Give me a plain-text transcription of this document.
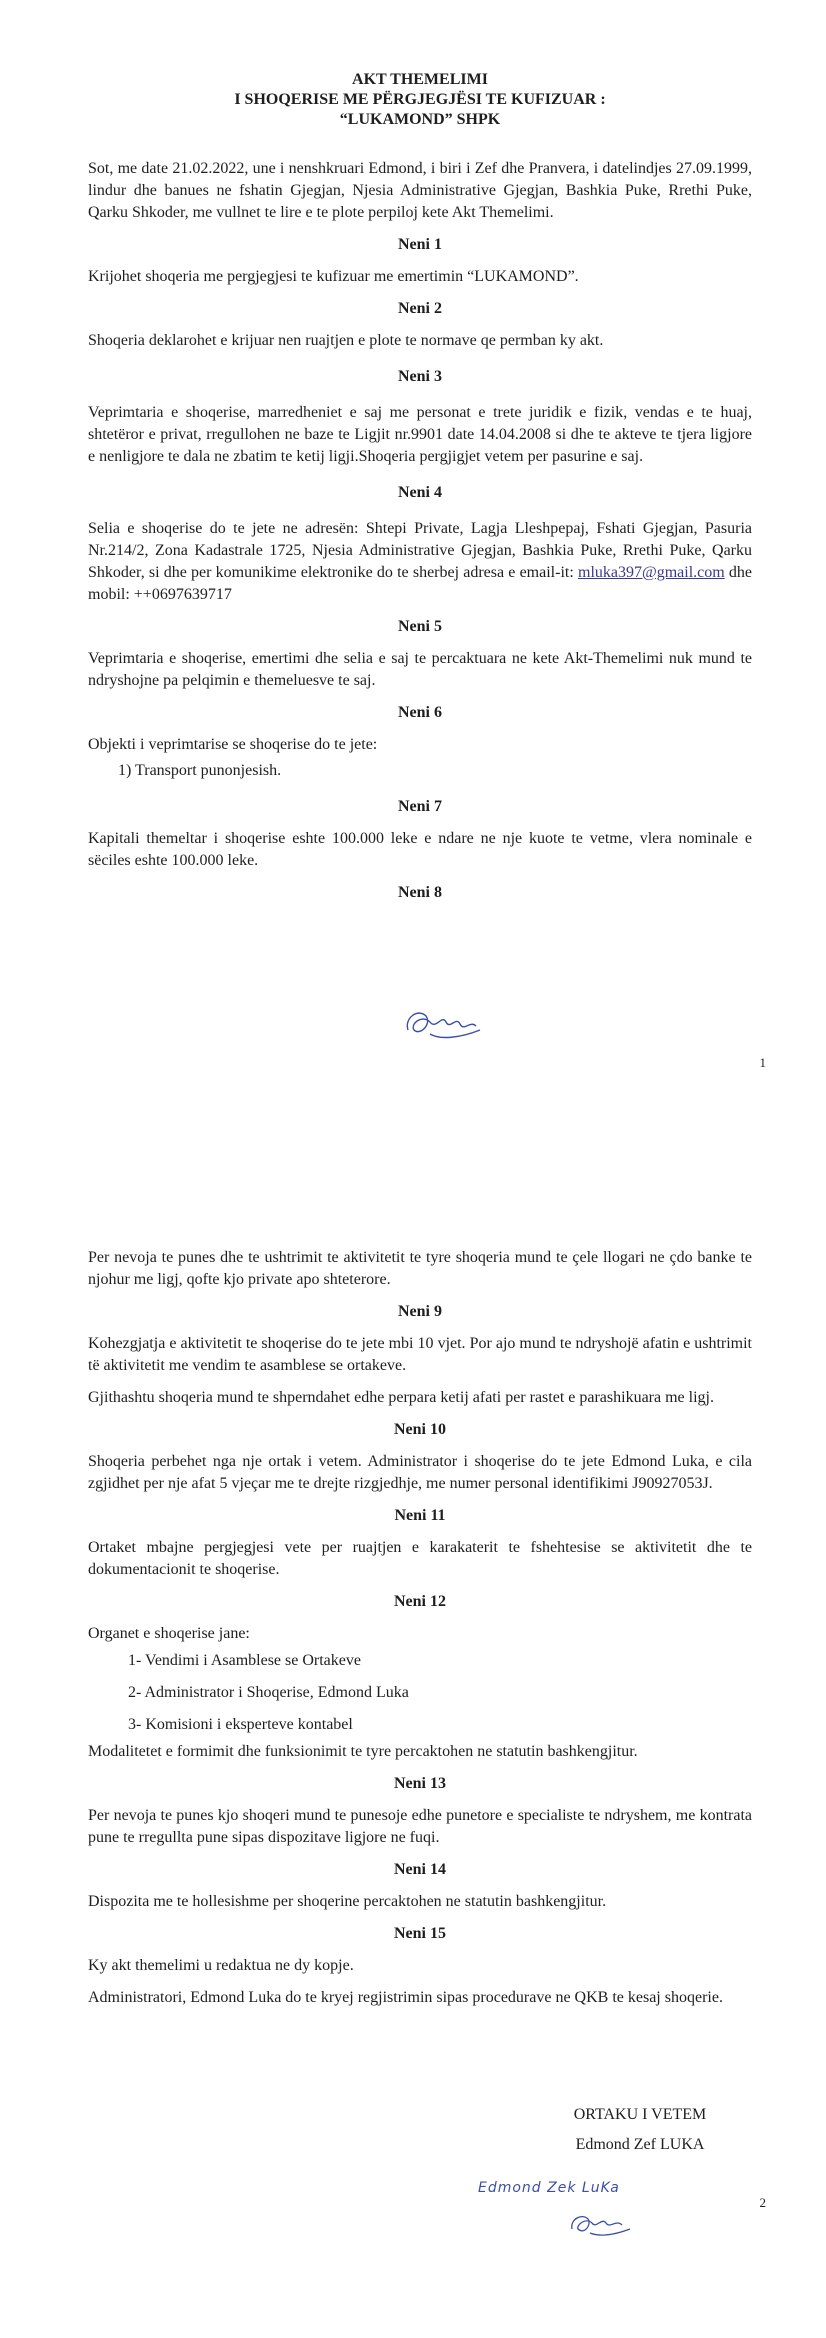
AKT THEMELIMI
I SHOQERISE ME PËRGJEGJËSI TE KUFIZUAR :
“LUKAMOND” SHPK

Sot, me date 21.02.2022, une i nenshkruari Edmond, i biri i Zef dhe Pranvera, i datelindjes 27.09.1999, lindur dhe banues ne fshatin Gjegjan, Njesia Administrative Gjegjan, Bashkia Puke, Rrethi Puke, Qarku Shkoder, me vullnet te lire e te plote perpiloj kete Akt Themelimi.

Neni 1

Krijohet shoqeria me pergjegjesi te kufizuar me emertimin “LUKAMOND”.

Neni 2

Shoqeria deklarohet e krijuar nen ruajtjen e plote te normave qe permban ky akt.

Neni 3

Veprimtaria e shoqerise, marredheniet e saj me personat e trete juridik e fizik, vendas e te huaj, shtetëror e privat, rregullohen ne baze te Ligjit nr.9901 date 14.04.2008 si dhe te akteve te tjera ligjore e nenligjore te dala ne zbatim te ketij ligji.Shoqeria pergjigjet vetem per pasurine e saj.

Neni 4

Selia e shoqerise do te jete ne adresën: Shtepi Private, Lagja Lleshpepaj, Fshati Gjegjan, Pasuria Nr.214/2, Zona Kadastrale 1725, Njesia Administrative Gjegjan, Bashkia Puke, Rrethi Puke, Qarku Shkoder, si dhe per komunikime elektronike do te sherbej adresa e email-it: mluka397@gmail.com dhe mobil: ++0697639717

Neni 5

Veprimtaria e shoqerise, emertimi dhe selia e saj te percaktuara ne kete Akt-Themelimi nuk mund te ndryshojne pa pelqimin e themeluesve te saj.

Neni 6

Objekti i veprimtarise se shoqerise do te jete:

1) Transport punonjesish.
Neni 7

Kapitali themeltar i shoqerise eshte 100.000 leke e ndare ne nje kuote te vetme, vlera nominale e sëciles eshte 100.000 leke.

Neni 8
1

Per nevoja te punes dhe te ushtrimit te aktivitetit te tyre shoqeria mund te çele llogari ne çdo banke te njohur me ligj, qofte kjo private apo shteterore.

Neni 9

Kohezgjatja e aktivitetit te shoqerise do te jete mbi 10 vjet. Por ajo mund te ndryshojë afatin e ushtrimit të aktivitetit me vendim te asamblese se ortakeve.

Gjithashtu shoqeria mund te shperndahet edhe perpara ketij afati per rastet e parashikuara me ligj.

Neni 10

Shoqeria perbehet nga nje ortak i vetem. Administrator i shoqerise do te jete Edmond Luka, e cila zgjidhet per nje afat 5 vjeçar me te drejte rizgjedhje, me numer personal identifikimi J90927053J.

Neni 11

Ortaket mbajne pergjegjesi vete per ruajtjen e karakaterit te fshehtesise se aktivitetit dhe te dokumentacionit te shoqerise.

Neni 12

Organet e shoqerise jane:

1- Vendimi i Asamblese se Ortakeve
2- Administrator i Shoqerise, Edmond Luka
3- Komisioni i eksperteve kontabel

Modalitetet e formimit dhe funksionimit te tyre percaktohen ne statutin bashkengjitur.

Neni 13

Per nevoja te punes kjo shoqeri mund te punesoje edhe punetore e specialiste te ndryshem, me kontrata pune te rregullta pune sipas dispozitave ligjore ne fuqi.

Neni 14

Dispozita me te hollesishme per shoqerine percaktohen ne statutin bashkengjitur.

Neni 15

Ky akt themelimi u redaktua ne dy kopje.

Administratori, Edmond Luka do te kryej regjistrimin sipas procedurave ne QKB te kesaj shoqerie.

ORTAKU I VETEM

Edmond Zef LUKA

Edmond Zek LuKa
2
